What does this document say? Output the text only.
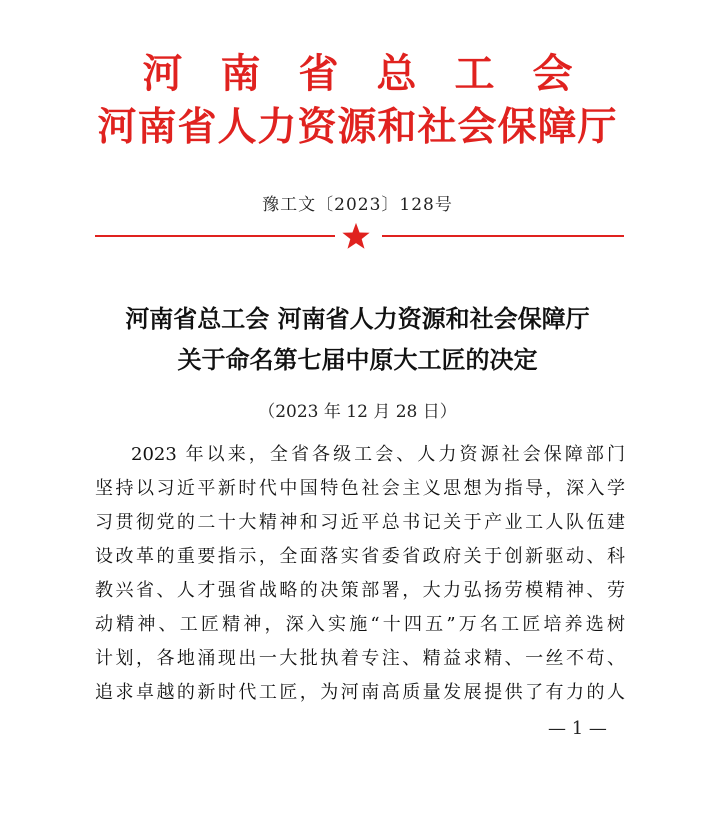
河南省总工会
河南省人力资源和社会保障厅
豫工文〔2023〕128号
河南省总工会 河南省人力资源和社会保障厅
关于命名第七届中原大工匠的决定
（2023 年 12 月 28 日）
2023 年以来，全省各级工会、人力资源社会保障部门
坚持以习近平新时代中国特色社会主义思想为指导，深入学
习贯彻党的二十大精神和习近平总书记关于产业工人队伍建
设改革的重要指示，全面落实省委省政府关于创新驱动、科
教兴省、人才强省战略的决策部署，大力弘扬劳模精神、劳
动精神、工匠精神，深入实施“十四五”万名工匠培养选树
计划，各地涌现出一大批执着专注、精益求精、一丝不苟、
追求卓越的新时代工匠，为河南高质量发展提供了有力的人
— 1 —
